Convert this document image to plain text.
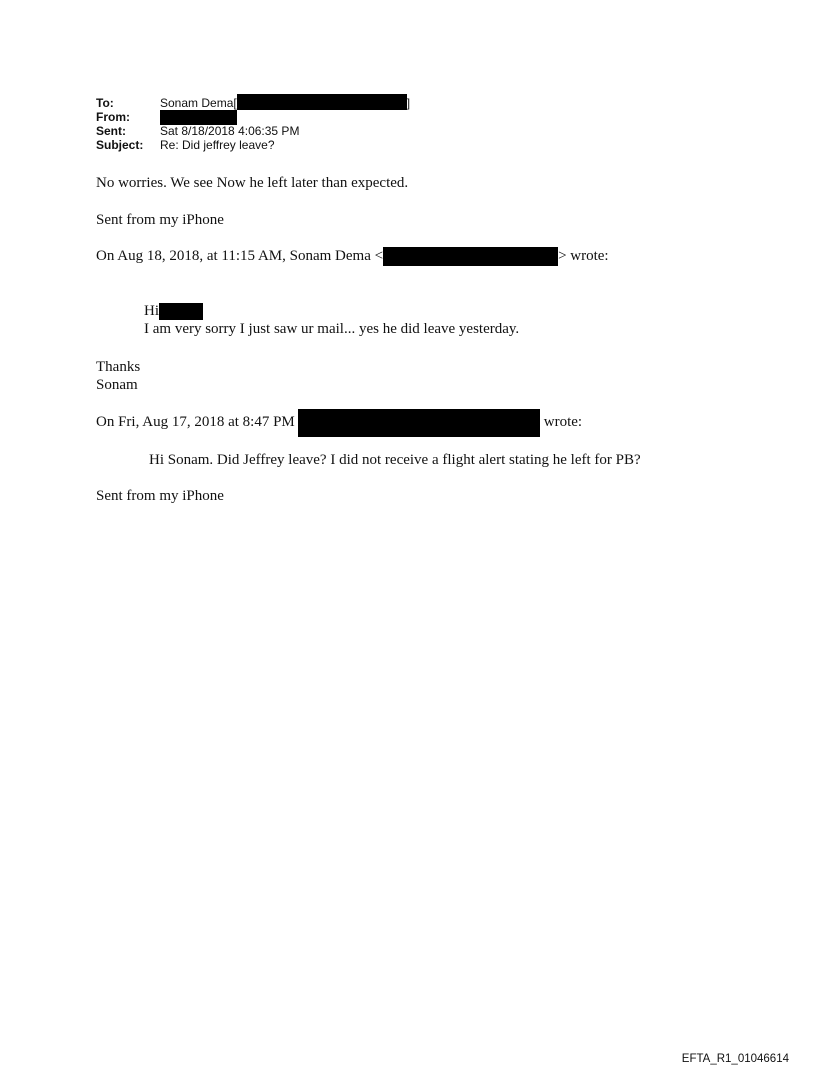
To:	Sonam Dema[	]
From:
Sent:	Sat 8/18/2018 4:06:35 PM
Subject: Re: Did jeffrey leave?
No worries. We see Now he left later than expected.
Sent from my iPhone
On Aug 18, 2018, at 11:15 AM, Sonam Dema <	> wrote:
Hi
I am very sorry I just saw ur mail... yes he did leave yesterday.
Thanks
Sonam
On Fri, Aug 17, 2018 at 8:47 PM	wrote:
Hi Sonam. Did Jeffrey leave? I did not receive a flight alert stating he left for PB?
Sent from my iPhone
EFTA_R1_01046614
